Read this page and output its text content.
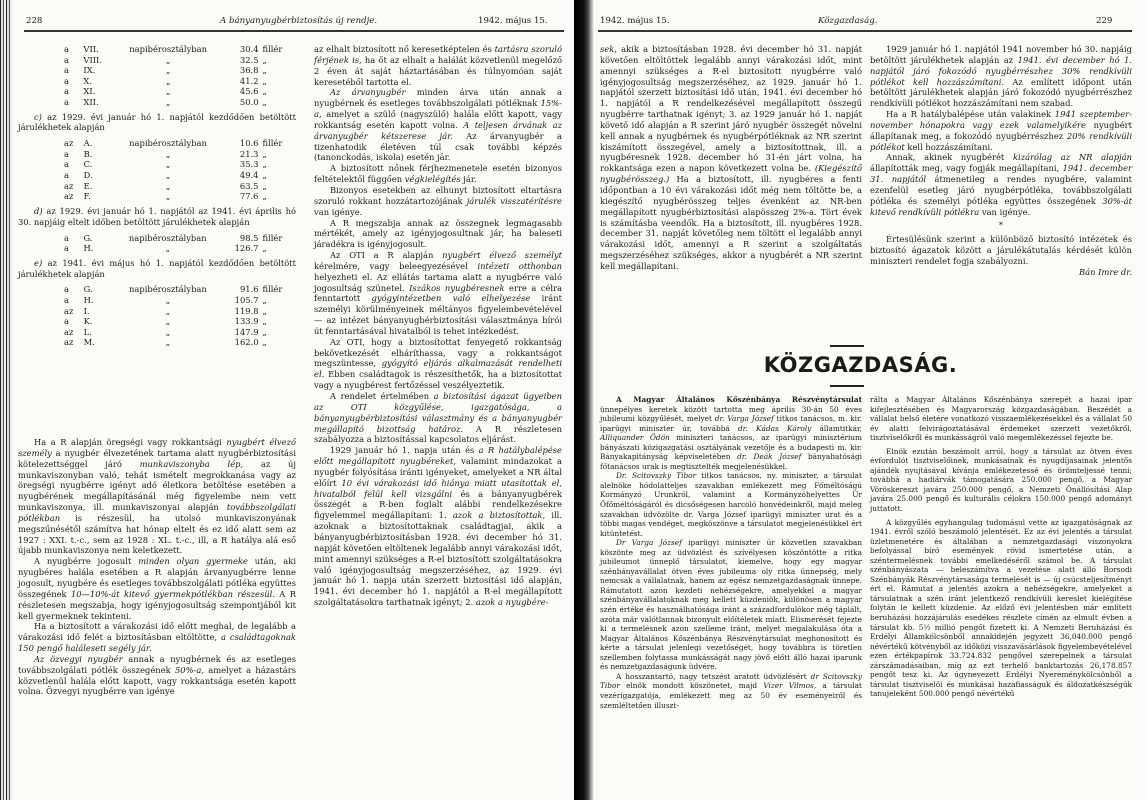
228	A bányanyugbérbiztosítás új rendje.	1942. május 15.
a	VII.	napibérosztályban	30.4	fillér
a	VIII.	„	32.5	„
a	IX.	„	36.8	„
a	X.	„	41.2	„
a	XI.	„	45.6	„
a	XII.	„	50.0	„

c) az 1929. évi január hó 1. napjától kezdődően betöltött járulékhetek alapján

az	A.	napibérosztályban	10.6	fillér
a	B.	„	21.3	„
a	C.	„	35.3	„
a	D.	„	49.4	„
az	E.	„	63.5	„
az	F.	„	77.6	„

d) az 1929. évi január hó 1. napjától az 1941. évi április hó 30. napjáig eltelt időben betöltött járulékhetek alapján

a	G.	napibérosztályban	98.5	fillér
a	H.	„	126.7	„

e) az 1941. évi május hó 1. napjától kezdődően betöltött járulékhetek alapján

a	G.	napibérosztályban	91.6	fillér
a	H.	„	105.7	„
az	I.	„	119.8	„
a	K.	„	133.9	„
az	L.	„	147.9	„
az	M.	„	162.0	„

Ha a R alapján öregségi vagy rokkantsági nyugbért élvező személy a nyugbér élvezetének tartama alatt nyugbérbiztosítási kötelezettséggel járó munkaviszonyba lép, az új munkaviszonyban való, tehát ismételt megrokkanása vagy az öregségi nyugbérre igényt adó életkora betöltése esetében a nyugbérének megállapításánál még figyelembe nem vett munkaviszonya, ill. munkaviszonyai alapján továbbszolgálati pótlékban is részesül, ha utolsó munkaviszonyának megszűnésétől számítva hat hónap eltelt és ez idő alatt sem az 1927 : XXI. t.-c., sem az 1928 : XL. t.-c., ill, a R hatálya alá eső újabb munkaviszonya nem keletkezett.

A nyugbérre jogosult minden olyan gyermeke után, aki nyugbéres halála esetében a R alapján árvanyugbérre lenne jogosult, nyugbére és esetleges továbbszolgálati pótléka együttes összegének 10—10%-át kitevő gyermekpótlékban részesül. A R részletesen megszabja, hogy igényjogosultság szempontjából kit kell gyermeknek tekinteni.

Ha a biztosított a várakozási idő előtt meghal, de legalább a várakozási idő felét a biztosításban eltöltötte, a családtagoknak 150 pengő haláleseti segély jár.

Az özvegyi nyugbér annak a nyugbérnek és az esetleges továbbszolgálati pótlék összegének 50%-a, amelyet a házastárs közvetlenül halála előtt kapott, vagy rokkantsága esetén kapott volna. Özvegyi nyugbérre van igénye

az elhalt biztosított nő keresetképtelen és tartásra szoruló férjének is, ha őt az elhalt a halálát közvetlenül megelőző 2 éven át saját háztartásában és túlnyomóan saját keresetéből tartotta el.

Az árvanyugbér minden árva után annak a nyugbérnek és esetleges továbbszolgálati pótléknak 15%-a, amelyet a szülő (nagyszülő) halála előtt kapott, vagy rokkantság esetén kapott volna. A teljesen árvának az árvanyugbér kétszerese jár. Az árvanyugbér a tizenhatodik életéven túl csak további képzés (tanonckodás, iskola) esetén jár.

A biztosított nőnek férjhezmenetele esetén bizonyos feltételektől függően végkielégítés jár.

Bizonyos esetekben az elhunyt biztosított eltartásra szoruló rokkant hozzátartozójának járulék visszatérítésre van igénye.

A R megszabja annak az összegnek legmagasabb mértékét, amely az igényjogosultnak jár, ha baleseti járadékra is igényjogosult.

Az OTI a R alapján nyugbért élvező személyt kérelmére, vagy beleegyezésével intézeti otthonban helyezheti el. Az ellátás tartama alatt a nyugbérre való jogosultság szünetel. Iszákos nyugbéresnek erre a célra fenntartott gyógyintézetben való elhelyezése iránt személyi körülményeinek méltányos figyelembevételével — az intézet bányanyugbérbiztosítási választmánya bírói út fenntartásával hivatalból is tehet intézkedést.

Az OTI, hogy a biztosítottat fenyegető rokkantság bekövetkezését elháríthassa, vagy a rokkantságot megszüntesse, gyógyító eljárás alkalmazását rendelheti el. Ebben családtagok is részesíthetők, ha a biztosítottat vagy a nyugbérest fertőzéssel veszélyeztetik.

A rendelet értelmében a biztosítási ágazat ügyeiben az OTI közgyűlése, igazgatósága, a bányanyugbérbiztosítási választmány és a bányanyugbér megállapító bizottság határoz. A R részletesen szabályozza a biztosítással kapcsolatos eljárást.

1929 január hó 1. napja után és a R hatálybalépése előtt megállapított nyugbéreket, valamint mindazokat a nyugbér folyósítása iránti igényeket, amelyeket a NR által előírt 10 évi várakozási idő hiánya miatt utasítottak el, hivatalból felül kell vizsgálni és a bányanyugbérek összegét a R-ben foglalt alábbi rendelkezésekre figyelemmel megállapítani: 1. azok a biztosítottak, ill. azoknak a biztosítottaknak családtagjai, akik a bányanyugbérbiztosításban 1928. évi december hó 31. napját követően eltöltenek legalább annyi várakozási időt, mint amennyi szükséges a R-el biztosított szolgáltatásokra való igényjogosultság megszerzéséhez, az 1929. évi január hó 1. napja után szerzett biztosítási idő alapján, 1941. évi december hó 1. napjától a R-el megállapított szolgáltatásokra tarthatnak igényt; 2. azok a nyugbére-

1942. május 15.	Közgazdaság.	229

sek, akik a biztosításban 1928. évi december hó 31. napját követően eltöltöttek legalább annyi várakozási időt, mint amennyi szükséges a R-el biztosított nyugbérre való igényjogosultság megszerzéséhez, az 1929. január hó 1. napjától szerzett biztosítási idő után, 1941. évi december hó 1. napjától a R rendelkezésével megállapított összegű nyugbérre tarthatnak igényt; 3. az 1929 január hó 1. napját követő idő alapján a R szerint járó nyugbér összegét növelni kell annak a nyugbérnek és nyugbérpótléknak az NR szerint kiszámított összegével, amely a biztosítottnak, ill. a nyugbéresnek 1928. december hó 31-én járt volna, ha rokkantsága ezen a napon következett volna be. (Kiegészítő nyugbérösszeg.) Ha a biztosított, ill. nyugbéres a fenti időpontban a 10 évi várakozási időt még nem töltötte be, a kiegészítő nyugbérösszeg teljes évenként az NR-ben megállapított nyugbérbiztosítási alapösszeg 2%-a. Tört évek is számításba veendők. Ha a biztosított, ill. nyugbéres 1928. december 31. napját követőleg nem töltött el legalább annyi várakozási időt, amennyi a R szerint a szolgáltatás megszerzéséhez szükséges, akkor a nyugbérét a NR szerint kell megállapítani.

1929 január hó 1. napjától 1941 november hó 30. napjáig betöltött járulékhetek alapján az 1941. évi december hó 1. napjától járó fokozódó nyugbérrészhez 30% rendkívüli pótlékot kell hozzászámítani. Az említett időpont után betöltött járulékhetek alapján járó fokozódó nyugbérrészhez rendkívüli pótlékot hozzászámítani nem szabad.

Ha a R hatálybalépése után valakinek 1941 szeptember-november hónapokra vagy ezek valamelyikére nyugbért állapítanak meg, a fokozódó nyugbérrészhez 20% rendkívüli pótlékot kell hozzászámítani.

Annak, akinek nyugbérét kizárólag az NR alapján állapították meg, vagy fogják megállapítani, 1941. december 31. napjától átmenetileg a rendes nyugbére, valamint ezenfelül esetleg járó nyugbérpótléka, továbbszolgálati pótléka és személyi pótléka együttes összegének 30%-át kitevő rendkívüli pótlékra van igénye.

*

Értesülésünk szerint a különböző biztosító intézetek és biztosító ágazatok között a járulékátutalás kérdését külön miniszteri rendelet fogja szabályozni.

Bán Imre dr.
KÖZGAZDASÁG.

A Magyar Általános Kőszénbánya Részvénytársulat ünnepélyes keretek között tartotta meg április 30-án 50 éves jubileumi közgyűlését, melyet dr. Varga József titkos tanácsos, m. kir. iparügyi miniszter úr, továbbá dr. Kádas Károly államtitkár, Alliquander Ödön miniszteri tanácsos, az iparügyi minisztérium bányászati közigazgatási osztályának vezetője és a budapesti m. kir. Bányakapitányság képviseletében dr. Deák József bányahatósági főtanácsos urak is megtisztelték megjelenésükkel.

Dr. Scitovszky Tibor titkos tanácsos, ny. miniszter, a társulat alelnöke hódolatteljes szavakban emlékezett meg Főméltóságú Kormányzó Urunkról, valamint a Kormányzóhelyettes Úr Őfőméltóságáról és dicsőségesen harcoló honvédeinkről, majd meleg szavakban üdvözölte dr. Varga József iparügyi miniszter urat és a többi magas vendéget, megköszönve a társulatot megjelenésükkel ért kitüntetést.

Dr Varga József iparügyi miniszter úr közvetlen szavakban köszönte meg az üdvözlést és szívélyesen köszöntötte a ritka jubileumot ünneplő társulatot, kiemelve, hogy egy magyar szénbányavállalat ötven éves jubileuma oly ritka ünnepség, mely nemcsak a vállalatnak, hanem az egész nemzetgazdaságnak ünnepe. Rámutatott azon kezdeti nehézségekre, amelyekkel a magyar szénbányavállalatoknak meg kellett küzdeniök, különösen a magyar szén értéke és használhatósága iránt a századfordulókor még táplált, azóta már valótlannak bizonyult előítéletek miatt. Elismerését fejezte ki a termelésnek azon szelleme iránt, melyet megalakulása óta a Magyar Általános Kőszénbánya Részvénytársulat meghonosított és kérte a társulat jelenlegi vezetőségét, hogy továbbra is töretlen szellemben folytassa munkásságát nagy jövő előtt álló hazai iparunk és nemzetgazdaságunk üdvére.

A hosszantartó, nagy tetszést aratott üdvözlésért dr Scitovszky Tibor elnök mondott köszönetet, majd Vizer Vilmos, a társulat vezérigazgatója, emlékezett meg az 50 év eseményeiről és szemléltetően illuszt-

rálta a Magyar Általános Kőszénbánya szerepét a hazai ipar kifejlesztésében és Magyarország közgazdaságában. Beszédét a vállalat belső életére vonatkozó visszaemlékezésekkel és a vállalat 50 év alatti felvirágoztatásával érdemeket szerzett vezetőkről, tisztviselőkről és munkásságról való megemlékezéssel fejezte be.

Elnök ezután beszámolt arról, hogy a társulat az ötven éves évfordulót tisztviselőinek, munkásainak és nyugdíjasainak jelentős ajándék nyujtásával kívánja emlékezetessé és örömteljessé tenni; továbbá a hadiárvák támogatására 250.000 pengő, a Magyar Vöröskereszt javára 250.000 pengő, a Nemzeti Önállósítási Alap javára 25.000 pengő és kulturális célokra 150.000 pengő adományt juttatott.

A közgyűlés egyhangulag tudomásul vette az igazgatóságnak az 1941. évről szóló beszámoló jelentését. Ez az évi jelentés a társulat üzletmenetére és általában a nemzetgazdasági viszonyokra befolyással bíró események rövid ismertetése után, a széntermelésnek további emelkedéséről számol be. A társulat szénbányászata — beleszámítva a vezetése alatt álló Borsodi Szénbányák Részvénytársasága termelését is — új csúcsteljesítményt ért el. Rámutat a jelentés azokra a nehézségekre, amelyeket a társulatnak a szén iránt jelentkező rendkívüli kereslet kielégítése folytán le kellett küzdenie. Az előző évi jelentésben már említett beruházási hozzájárulás esedékes részlete címén az elmult évben a társulat kb. 5½ millió pengőt fizetett ki. A Nemzeti Beruházási és Erdélyi Államkölcsönből annakidején jegyzett 36,040.000 pengő névértékű kötvényből az időközi visszavásárlások figyelembevételével ezen értékpapírok 33.724.832 pengővel szerepelnek a társulat zárszámadásaiban, míg az ezt terhelő banktartozás 26,178.857 pengőt tesz ki. Az úgynevezett Erdélyi Nyereménykölcsönből a társulat tisztviselői és munkásai hazafiasságuk és áldozatkészségük tanujeleként 500.000 pengő névértékű
